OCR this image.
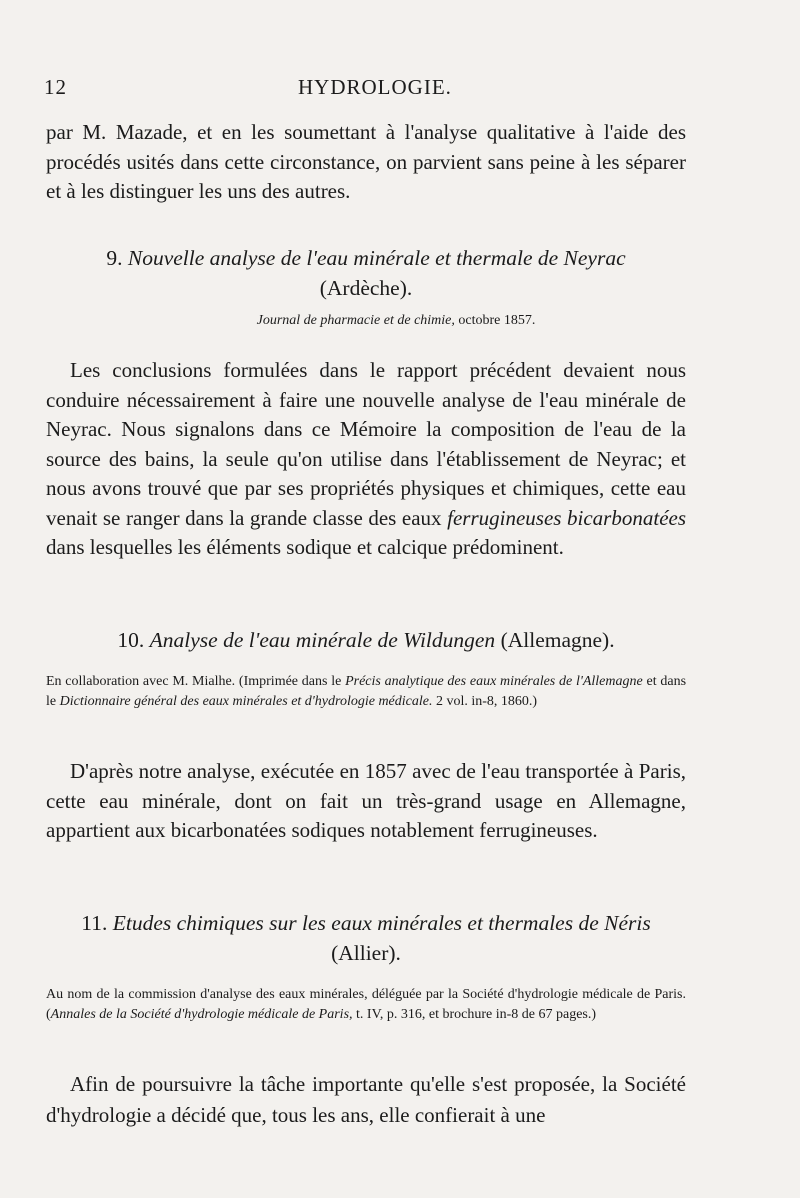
12	HYDROLOGIE.
par M. Mazade, et en les soumettant à l'analyse qualitative à l'aide des procédés usités dans cette circonstance, on parvient sans peine à les séparer et à les distinguer les uns des autres.
9. Nouvelle analyse de l'eau minérale et thermale de Neyrac
(Ardèche).
Journal de pharmacie et de chimie, octobre 1857.
Les conclusions formulées dans le rapport précédent devaient nous conduire nécessairement à faire une nouvelle analyse de l'eau minérale de Neyrac. Nous signalons dans ce Mémoire la composition de l'eau de la source des bains, la seule qu'on utilise dans l'établissement de Neyrac; et nous avons trouvé que par ses propriétés physiques et chimiques, cette eau venait se ranger dans la grande classe des eaux ferrugineuses bicarbonatées dans lesquelles les éléments sodique et calcique prédominent.
10. Analyse de l'eau minérale de Wildungen (Allemagne).
En collaboration avec M. Mialhe. (Imprimée dans le Précis analytique des eaux minérales de l'Allemagne et dans le Dictionnaire général des eaux minérales et d'hydrologie médicale. 2 vol. in-8, 1860.)
D'après notre analyse, exécutée en 1857 avec de l'eau transportée à Paris, cette eau minérale, dont on fait un très-grand usage en Allemagne, appartient aux bicarbonatées sodiques notablement ferrugineuses.
11. Etudes chimiques sur les eaux minérales et thermales de Néris
(Allier).
Au nom de la commission d'analyse des eaux minérales, déléguée par la Société d'hydrologie médicale de Paris. (Annales de la Société d'hydrologie médicale de Paris, t. IV, p. 316, et brochure in-8 de 67 pages.)
Afin de poursuivre la tâche importante qu'elle s'est proposée, la Société d'hydrologie a décidé que, tous les ans, elle confierait à une
